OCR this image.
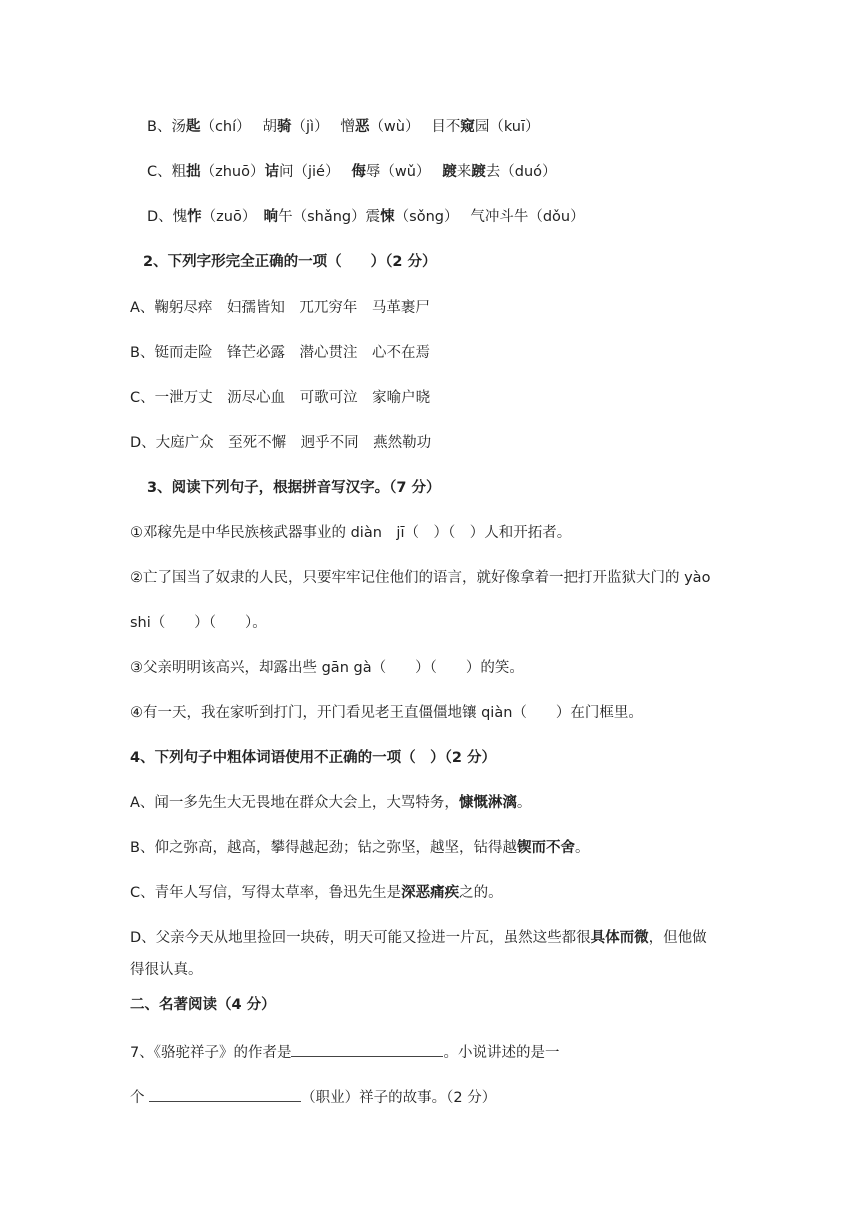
B、汤匙（chí）　 胡骑（jì）　 憎恶（wù）　 目不窥园（kuī）
C、粗拙（zhuō）诘问（jié）　 侮辱（wǔ）　 踱来踱去（duó）
D、愧怍（zuō）　 晌午（shǎng）震悚（sǒng）　 气冲斗牛（dǒu）
2、下列字形完全正确的一项（　　）（2 分）
A、鞠躬尽瘁　妇孺皆知　兀兀穷年　马革裹尸
B、铤而走险　锋芒必露　潜心贯注　心不在焉
C、一泄万丈　沥尽心血　可歌可泣　家喻户晓
D、大庭广众　至死不懈　迥乎不同　燕然勒功
3、阅读下列句子，根据拼音写汉字。（7 分）
①邓稼先是中华民族核武器事业的 diàn　jī（　）（　）人和开拓者。
②亡了国当了奴隶的人民，只要牢牢记住他们的语言，就好像拿着一把打开监狱大门的 yào
shi（　　）（　　）。
③父亲明明该高兴，却露出些 gān gà（　　）（　　）的笑。
④有一天，我在家听到打门，开门看见老王直僵僵地镶 qiàn（　　）在门框里。
4、下列句子中粗体词语使用不正确的一项（　）（2 分）
A、闻一多先生大无畏地在群众大会上，大骂特务，慷慨淋漓。
B、仰之弥高，越高，攀得越起劲；钻之弥坚，越坚，钻得越锲而不舍。
C、青年人写信，写得太草率，鲁迅先生是深恶痛疾之的。
D、父亲今天从地里捡回一块砖，明天可能又捡进一片瓦，虽然这些都很具体而微，但他做
得很认真。
二、名著阅读（4 分）
7、《骆驼祥子》的作者是	。小说讲述的是一
个	（职业）祥子的故事。（2 分）
